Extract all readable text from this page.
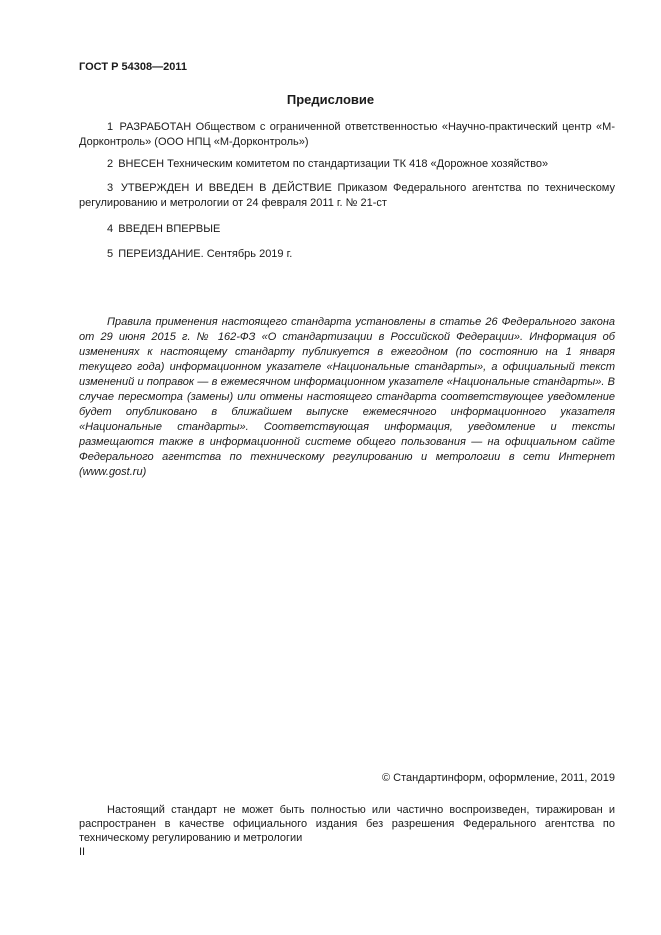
ГОСТ Р 54308—2011
Предисловие

1 РАЗРАБОТАН Обществом с ограниченной ответственностью «Научно-практический центр «М-Дорконтроль» (ООО НПЦ «М-Дорконтроль»)

2 ВНЕСЕН Техническим комитетом по стандартизации ТК 418 «Дорожное хозяйство»

3 УТВЕРЖДЕН И ВВЕДЕН В ДЕЙСТВИЕ Приказом Федерального агентства по техническому регулированию и метрологии от 24 февраля 2011 г. № 21-ст

4 ВВЕДЕН ВПЕРВЫЕ

5 ПЕРЕИЗДАНИЕ. Сентябрь 2019 г.

Правила применения настоящего стандарта установлены в статье 26 Федерального закона от 29 июня 2015 г. № 162-ФЗ «О стандартизации в Российской Федерации». Информация об изменениях к настоящему стандарту публикуется в ежегодном (по состоянию на 1 января текущего года) информационном указателе «Национальные стандарты», а официальный текст изменений и поправок — в ежемесячном информационном указателе «Национальные стандарты». В случае пересмотра (замены) или отмены настоящего стандарта соответствующее уведомление будет опубликовано в ближайшем выпуске ежемесячного информационного указателя «Национальные стандарты». Соответствующая информация, уведомление и тексты размещаются также в информационной системе общего пользования — на официальном сайте Федерального агентства по техническому регулированию и метрологии в сети Интернет (www.gost.ru)

© Стандартинформ, оформление, 2011, 2019
Настоящий стандарт не может быть полностью или частично воспроизведен, тиражирован и распространен в качестве официального издания без разрешения Федерального агентства по техническому регулированию и метрологии
II
